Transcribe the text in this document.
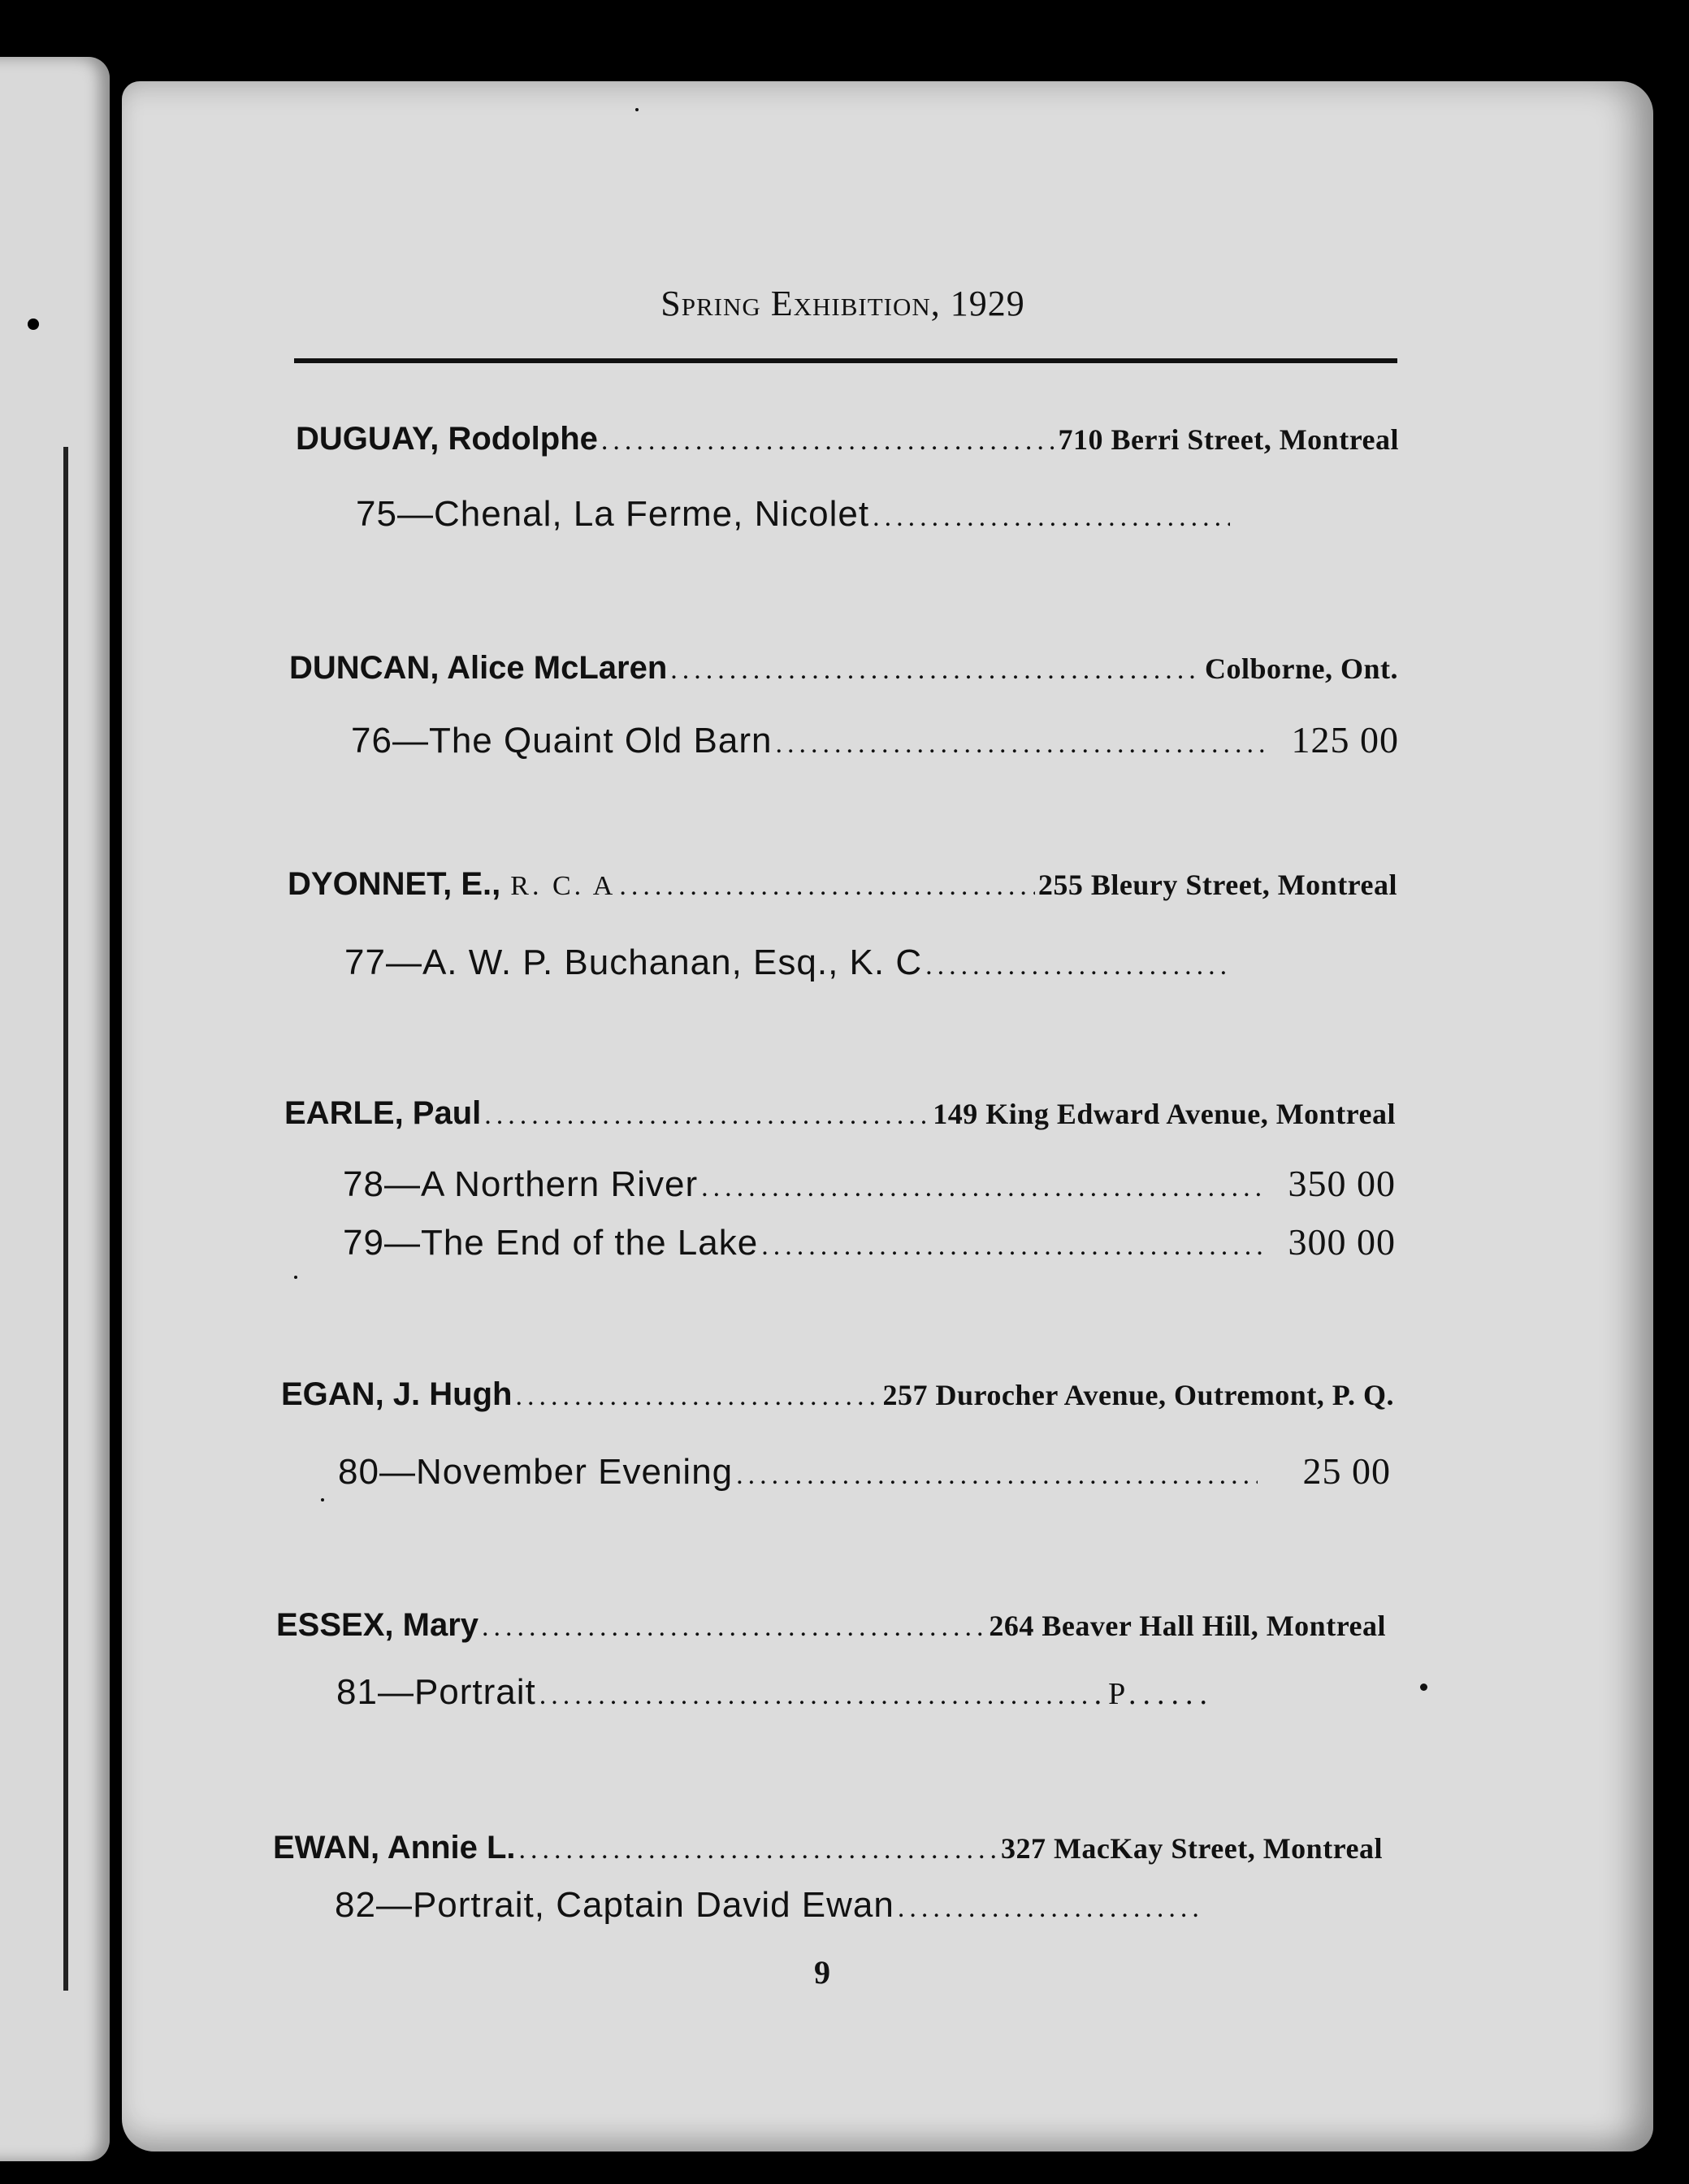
Spring Exhibition, 1929
DUGUAY, Rodolphe .....	710 Berri Street, Montreal
75—Chenal, La Ferme, Nicolet
.....
DUNCAN, Alice McLaren .....	Colborne, Ont.
76—The Quaint Old Barn .....	125 00
DYONNET, E., R. C. A .....	255 Bleury Street, Montreal
77—A. W. P. Buchanan, Esq., K. C
.....
EARLE, Paul .....	149 King Edward Avenue, Montreal
78—A Northern River .....	350 00
79—The End of the Lake .....	300 00
EGAN, J. Hugh .....	257 Durocher Avenue, Outremont, P. Q.
80—November Evening .....	25 00
ESSEX, Mary .....	264 Beaver Hall Hill, Montreal
81—Portrait .....	.P......
EWAN, Annie L. .....	327 MacKay Street, Montreal
82—Portrait, Captain David Ewan
.....
9
